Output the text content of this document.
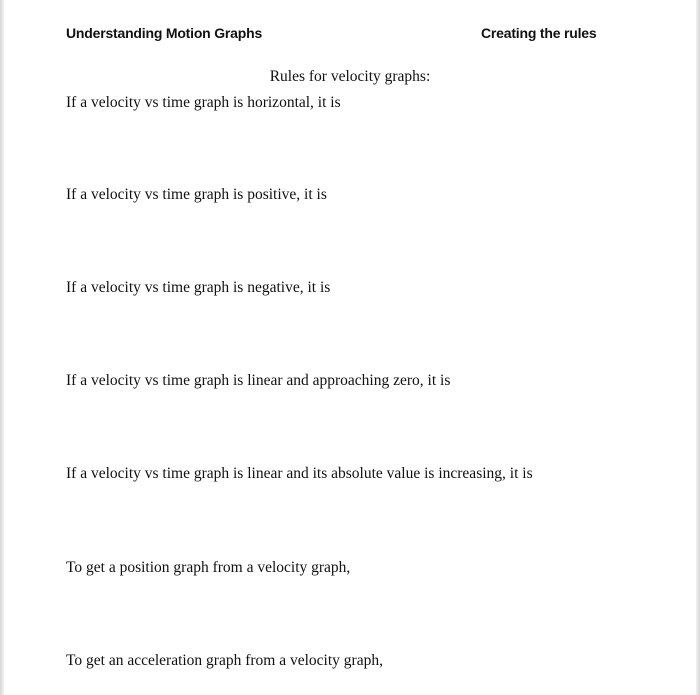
Understanding Motion Graphs	Creating the rules
Rules for velocity graphs:
If a velocity vs time graph is horizontal, it is
If a velocity vs time graph is positive, it is
If a velocity vs time graph is negative, it is
If a velocity vs time graph is linear and approaching zero, it is
If a velocity vs time graph is linear and its absolute value is increasing, it is
To get a position graph from a velocity graph,
To get an acceleration graph from a velocity graph,
